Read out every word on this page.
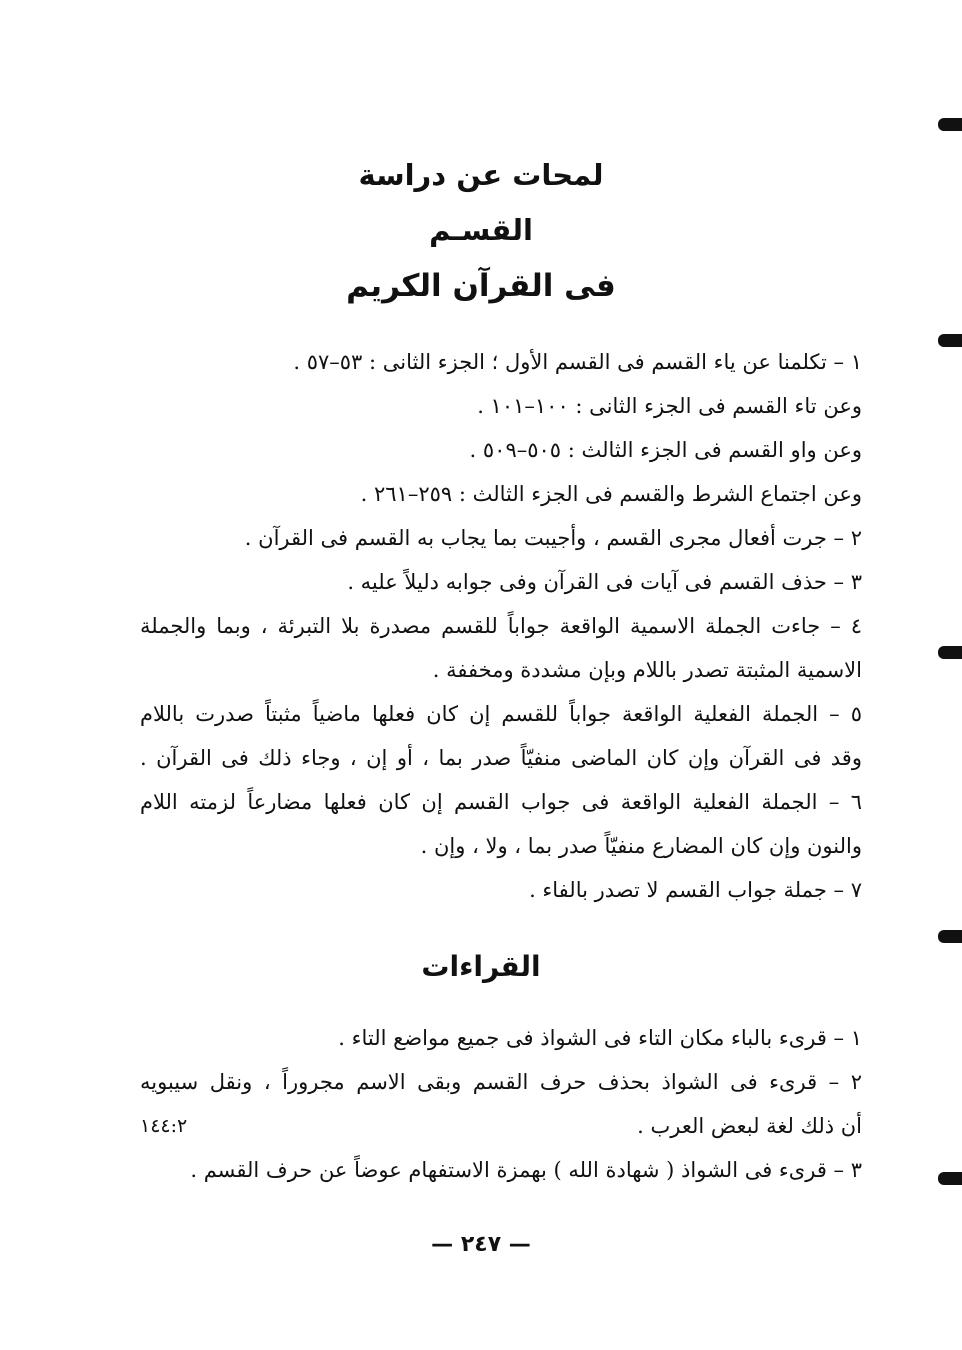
لمحات عن دراسة
القسـم
فى القرآن الكريم
١ – تكلمنا عن ياء القسم فى القسم الأول ؛ الجزء الثانى : ٥٣–٥٧ .
وعن تاء القسم فى الجزء الثانى : ١٠٠–١٠١ .
وعن واو القسم فى الجزء الثالث : ٥٠٥–٥٠٩ .
وعن اجتماع الشرط والقسم فى الجزء الثالث : ٢٥٩–٢٦١ .
٢ – جرت أفعال مجرى القسم ، وأجيبت بما يجاب به القسم فى القرآن .
٣ – حذف القسم فى آيات فى القرآن وفى جوابه دليلاً عليه .
٤ – جاءت الجملة الاسمية الواقعة جواباً للقسم مصدرة بلا التبرئة ، وبما والجملة
الاسمية المثبتة تصدر باللام وبإن مشددة ومخففة .
٥ – الجملة الفعلية الواقعة جواباً للقسم إن كان فعلها ماضياً مثبتاً صدرت باللام
وقد فى القرآن وإن كان الماضى منفيّاً صدر بما ، أو إن ، وجاء ذلك فى القرآن .
٦ – الجملة الفعلية الواقعة فى جواب القسم إن كان فعلها مضارعاً لزمته اللام
والنون وإن كان المضارع منفيّاً صدر بما ، ولا ، وإن .
٧ – جملة جواب القسم لا تصدر بالفاء .
القراءات
١ – قرىء بالباء مكان التاء فى الشواذ فى جميع مواضع التاء .
٢ – قرىء فى الشواذ بحذف حرف القسم وبقى الاسم مجروراً ، ونقل سيبويه
أن ذلك لغة لبعض العرب .
١٤٤:٢
٣ – قرىء فى الشواذ ( شهادة الله ) بهمزة الاستفهام عوضاً عن حرف القسم .
— ٢٤٧ —
